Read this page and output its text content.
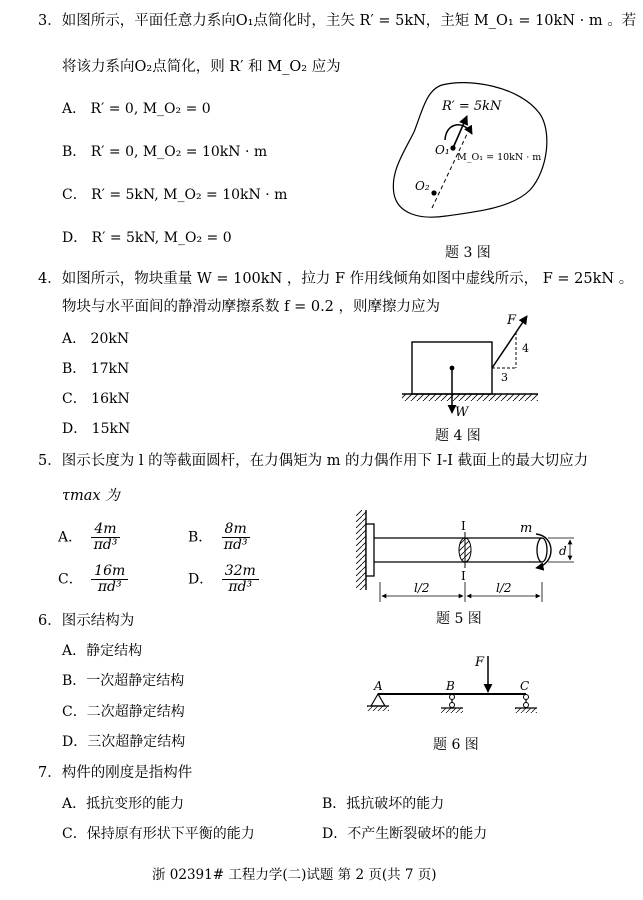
3．如图所示，平面任意力系向O₁点简化时，主矢 R′ = 5kN，主矩 M_O₁ = 10kN · m 。若
将该力系向O₂点简化，则 R′ 和 M_O₂ 应为
A． R′ = 0, M_O₂ = 0
B． R′ = 0, M_O₂ = 10kN · m
C． R′ = 5kN, M_O₂ = 10kN · m
D． R′ = 5kN, M_O₂ = 0
R′ = 5kN
O₁
M_O₁ = 10kN · m
O₂
题 3 图
4．如图所示，物块重量 W = 100kN ，拉力 F 作用线倾角如图中虚线所示， F = 25kN 。
物块与水平面间的静滑动摩擦系数 f = 0.2 ，则摩擦力应为
A． 20kN
B． 17kN
C． 16kN
D． 15kN
F
4
3
W
题 4 图
5．图示长度为 l 的等截面圆杆，在力偶矩为 m 的力偶作用下 I-I 截面上的最大切应力
τmax 为
A． $\frac{4m}{\text{πd³}}$	B． $\frac{8m}{\text{πd³}}$
C． $\frac{16m}{\text{πd³}}$	D． $\frac{32m}{\text{πd³}}$
I
I
m
d
l/2	l/2
题 5 图
6．图示结构为
A．静定结构
B．一次超静定结构
C．二次超静定结构
D．三次超静定结构
F
A	B	C
题 6 图
7．构件的刚度是指构件
A．抵抗变形的能力	B．抵抗破坏的能力
C．保持原有形状下平衡的能力	D．不产生断裂破坏的能力
浙 02391# 工程力学(二)试题 第 2 页(共 7 页)
